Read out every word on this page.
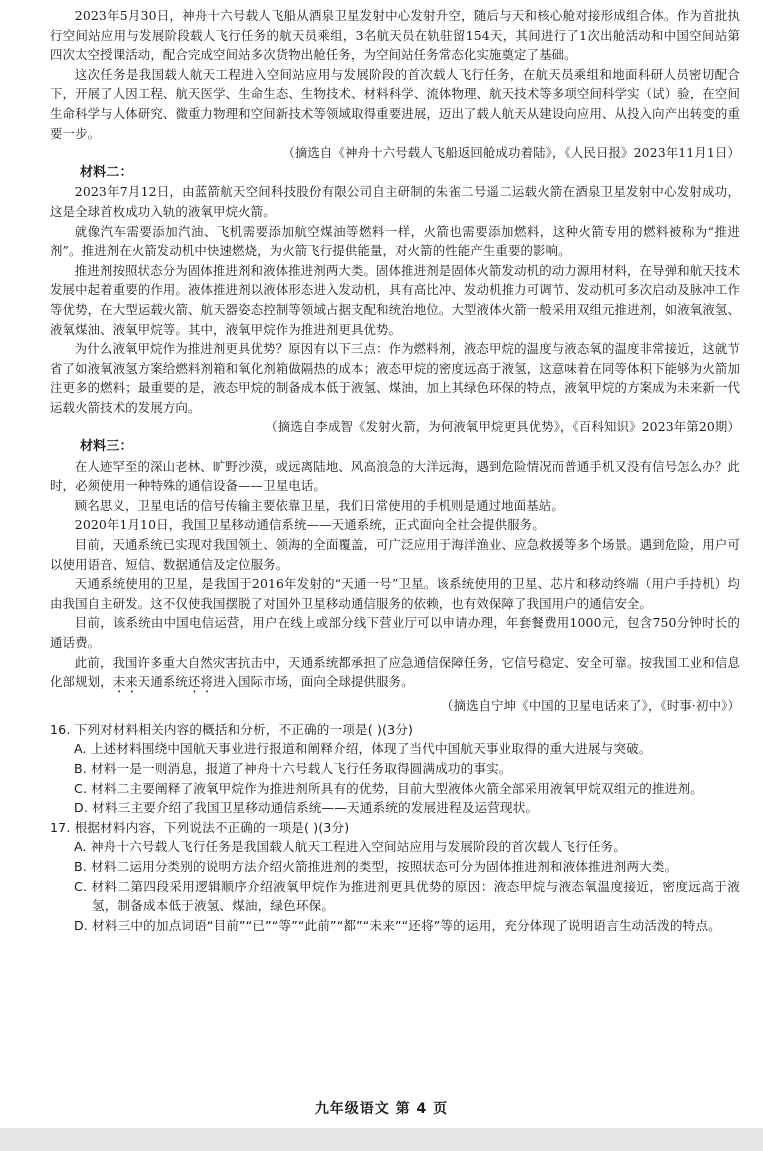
2023年5月30日，神舟十六号载人飞船从酒泉卫星发射中心发射升空，随后与天和核心舱对接形成组合体。作为首批执行空间站应用与发展阶段载人飞行任务的航天员乘组，3名航天员在轨驻留154天，其间进行了1次出舱活动和中国空间站第四次太空授课活动，配合完成空间站多次货物出舱任务，为空间站任务常态化实施奠定了基础。

这次任务是我国载人航天工程进入空间站应用与发展阶段的首次载人飞行任务，在航天员乘组和地面科研人员密切配合下，开展了人因工程、航天医学、生命生态、生物技术、材料科学、流体物理、航天技术等多项空间科学实（试）验，在空间生命科学与人体研究、微重力物理和空间新技术等领域取得重要进展，迈出了载人航天从建设向应用、从投入向产出转变的重要一步。

（摘选自《神舟十六号载人飞船返回舱成功着陆》，《人民日报》2023年11月1日）

材料二：

2023年7月12日，由蓝箭航天空间科技股份有限公司自主研制的朱雀二号遥二运载火箭在酒泉卫星发射中心发射成功，这是全球首枚成功入轨的液氧甲烷火箭。

就像汽车需要添加汽油、飞机需要添加航空煤油等燃料一样，火箭也需要添加燃料，这种火箭专用的燃料被称为“推进剂”。推进剂在火箭发动机中快速燃烧，为火箭飞行提供能量，对火箭的性能产生重要的影响。

推进剂按照状态分为固体推进剂和液体推进剂两大类。固体推进剂是固体火箭发动机的动力源用材料，在导弹和航天技术发展中起着重要的作用。液体推进剂以液体形态进入发动机，具有高比冲、发动机推力可调节、发动机可多次启动及脉冲工作等优势，在大型运载火箭、航天器姿态控制等领域占据支配和统治地位。大型液体火箭一般采用双组元推进剂，如液氧液氢、液氧煤油、液氧甲烷等。其中，液氧甲烷作为推进剂更具优势。

为什么液氧甲烷作为推进剂更具优势？原因有以下三点：作为燃料剂，液态甲烷的温度与液态氧的温度非常接近，这就节省了如液氧液氢方案给燃料剂箱和氧化剂箱做隔热的成本；液态甲烷的密度远高于液氢，这意味着在同等体积下能够为火箭加注更多的燃料；最重要的是，液态甲烷的制备成本低于液氢、煤油，加上其绿色环保的特点，液氧甲烷的方案成为未来新一代运载火箭技术的发展方向。

（摘选自李成智《发射火箭，为何液氧甲烷更具优势》，《百科知识》2023年第20期）

材料三：

在人迹罕至的深山老林、旷野沙漠，或远离陆地、风高浪急的大洋远海，遇到危险情况而普通手机又没有信号怎么办？此时，必须使用一种特殊的通信设备——卫星电话。

顾名思义，卫星电话的信号传输主要依靠卫星，我们日常使用的手机则是通过地面基站。

2020年1月10日，我国卫星移动通信系统——天通系统，正式面向全社会提供服务。

目前，天通系统已实现对我国领土、领海的全面覆盖，可广泛应用于海洋渔业、应急救援等多个场景。遇到危险，用户可以使用语音、短信、数据通信及定位服务。

天通系统使用的卫星，是我国于2016年发射的“天通一号”卫星。该系统使用的卫星、芯片和移动终端（用户手持机）均由我国自主研发。这不仅使我国摆脱了对国外卫星移动通信服务的依赖，也有效保障了我国用户的通信安全。

目前，该系统由中国电信运营，用户在线上或部分线下营业厅可以申请办理，年套餐费用1000元，包含750分钟时长的通话费。

此前，我国许多重大自然灾害抗击中，天通系统都承担了应急通信保障任务，它信号稳定、安全可靠。按我国工业和信息化部规划，未来天通系统还将进入国际市场，面向全球提供服务。

（摘选自宁坤《中国的卫星电话来了》，《时事·初中》）

16. 下列对材料相关内容的概括和分析，不正确的一项是( )(3分)

A. 上述材料围绕中国航天事业进行报道和阐释介绍，体现了当代中国航天事业取得的重大进展与突破。

B. 材料一是一则消息，报道了神舟十六号载人飞行任务取得圆满成功的事实。

C. 材料二主要阐释了液氧甲烷作为推进剂所具有的优势，目前大型液体火箭全部采用液氧甲烷双组元的推进剂。

D. 材料三主要介绍了我国卫星移动通信系统——天通系统的发展进程及运营现状。

17. 根据材料内容，下列说法不正确的一项是( )(3分)

A. 神舟十六号载人飞行任务是我国载人航天工程进入空间站应用与发展阶段的首次载人飞行任务。

B. 材料二运用分类别的说明方法介绍火箭推进剂的类型，按照状态可分为固体推进剂和液体推进剂两大类。

C. 材料二第四段采用逻辑顺序介绍液氧甲烷作为推进剂更具优势的原因：液态甲烷与液态氧温度接近，密度远高于液氢，制备成本低于液氢、煤油，绿色环保。

D. 材料三中的加点词语“目前”“已”“等”“此前”“都”“未来”“还将”等的运用，充分体现了说明语言生动活泼的特点。

九年级语文 第 4 页
